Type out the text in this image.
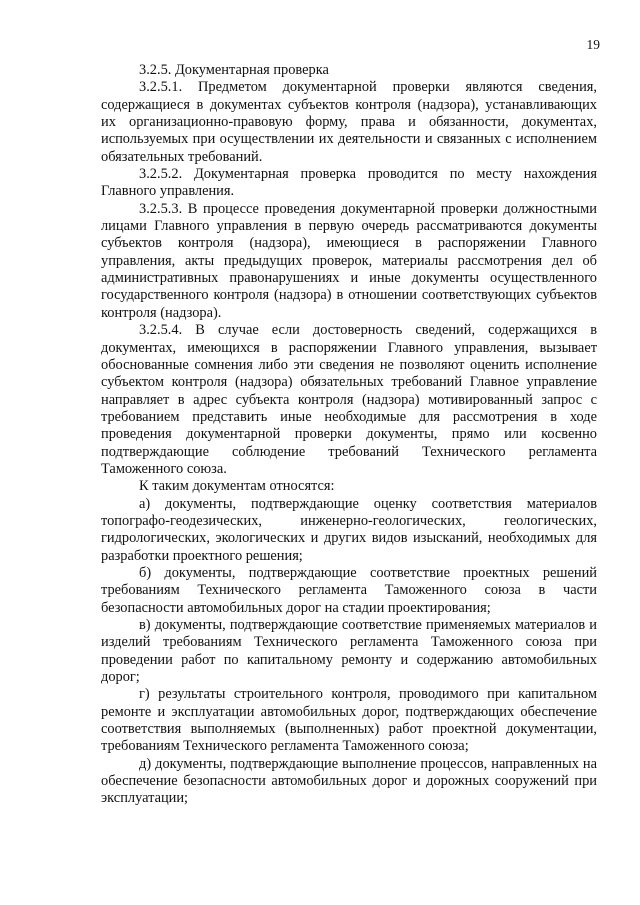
19

3.2.5. Документарная проверка

3.2.5.1. Предметом документарной проверки являются сведения, содержащиеся в документах субъектов контроля (надзора), устанавливающих их организационно-правовую форму, права и обязанности, документах, используемых при осуществлении их деятельности и связанных с исполнением обязательных требований.

3.2.5.2. Документарная проверка проводится по месту нахождения Главного управления.

3.2.5.3. В процессе проведения документарной проверки должностными лицами Главного управления в первую очередь рассматриваются документы субъектов контроля (надзора), имеющиеся в распоряжении Главного управления, акты предыдущих проверок, материалы рассмотрения дел об административных правонарушениях и иные документы осуществленного государственного контроля (надзора) в отношении соответствующих субъектов контроля (надзора).

3.2.5.4. В случае если достоверность сведений, содержащихся в документах, имеющихся в распоряжении Главного управления, вызывает обоснованные сомнения либо эти сведения не позволяют оценить исполнение субъектом контроля (надзора) обязательных требований Главное управление направляет в адрес субъекта контроля (надзора) мотивированный запрос с требованием представить иные необходимые для рассмотрения в ходе проведения документарной проверки документы, прямо или косвенно подтверждающие соблюдение требований Технического регламента Таможенного союза.

К таким документам относятся:

а) документы, подтверждающие оценку соответствия материалов топографо-геодезических, инженерно-геологических, геологических, гидрологических, экологических и других видов изысканий, необходимых для разработки проектного решения;

б) документы, подтверждающие соответствие проектных решений требованиям Технического регламента Таможенного союза в части безопасности автомобильных дорог на стадии проектирования;

в) документы, подтверждающие соответствие применяемых материалов и изделий требованиям Технического регламента Таможенного союза при проведении работ по капитальному ремонту и содержанию автомобильных дорог;

г) результаты строительного контроля, проводимого при капитальном ремонте и эксплуатации автомобильных дорог, подтверждающих обеспечение соответствия выполняемых (выполненных) работ проектной документации, требованиям Технического регламента Таможенного союза;

д) документы, подтверждающие выполнение процессов, направленных на обеспечение безопасности автомобильных дорог и дорожных сооружений при эксплуатации;
